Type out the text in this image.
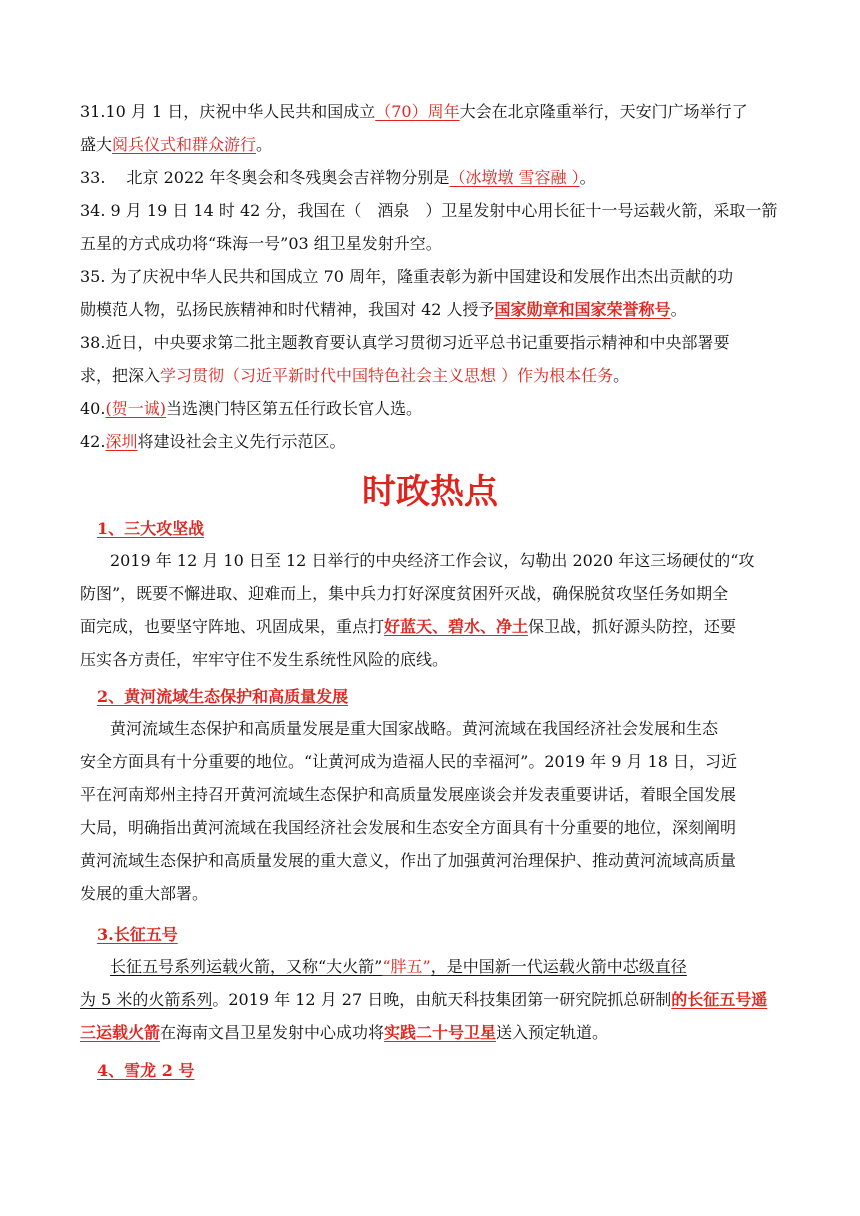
31.10 月 1 日，庆祝中华人民共和国成立（70）周年大会在北京隆重举行，天安门广场举行了
盛大阅兵仪式和群众游行。
33.　 北京 2022 年冬奥会和冬残奥会吉祥物分别是（冰墩墩 雪容融 ）。
34. 9 月 19 日 14 时 42 分，我国在（　酒泉　）卫星发射中心用长征十一号运载火箭，采取一箭
五星的方式成功将“珠海一号”03 组卫星发射升空。
35. 为了庆祝中华人民共和国成立 70 周年，隆重表彰为新中国建设和发展作出杰出贡献的功
勋模范人物，弘扬民族精神和时代精神，我国对 42 人授予国家勋章和国家荣誉称号。
38.近日，中央要求第二批主题教育要认真学习贯彻习近平总书记重要指示精神和中央部署要
求，把深入学习贯彻（习近平新时代中国特色社会主义思想 ）作为根本任务。
40.(贺一诚)当选澳门特区第五任行政长官人选。
42.深圳将建设社会主义先行示范区。
时政热点
1、三大攻坚战
2019 年 12 月 10 日至 12 日举行的中央经济工作会议，勾勒出 2020 年这三场硬仗的“攻
防图”，既要不懈进取、迎难而上，集中兵力打好深度贫困歼灭战，确保脱贫攻坚任务如期全
面完成，也要坚守阵地、巩固成果，重点打好蓝天、碧水、净土保卫战，抓好源头防控，还要
压实各方责任，牢牢守住不发生系统性风险的底线。
2、黄河流域生态保护和高质量发展
黄河流域生态保护和高质量发展是重大国家战略。黄河流域在我国经济社会发展和生态
安全方面具有十分重要的地位。“让黄河成为造福人民的幸福河”。2019 年 9 月 18 日，习近
平在河南郑州主持召开黄河流域生态保护和高质量发展座谈会并发表重要讲话，着眼全国发展
大局，明确指出黄河流域在我国经济社会发展和生态安全方面具有十分重要的地位，深刻阐明
黄河流域生态保护和高质量发展的重大意义，作出了加强黄河治理保护、推动黄河流域高质量
发展的重大部署。
3.长征五号
长征五号系列运载火箭，又称“大火箭”“胖五”，是中国新一代运载火箭中芯级直径
为 5 米的火箭系列。2019 年 12 月 27 日晚，由航天科技集团第一研究院抓总研制的长征五号遥
三运载火箭在海南文昌卫星发射中心成功将实践二十号卫星送入预定轨道。
4、雪龙 2 号
